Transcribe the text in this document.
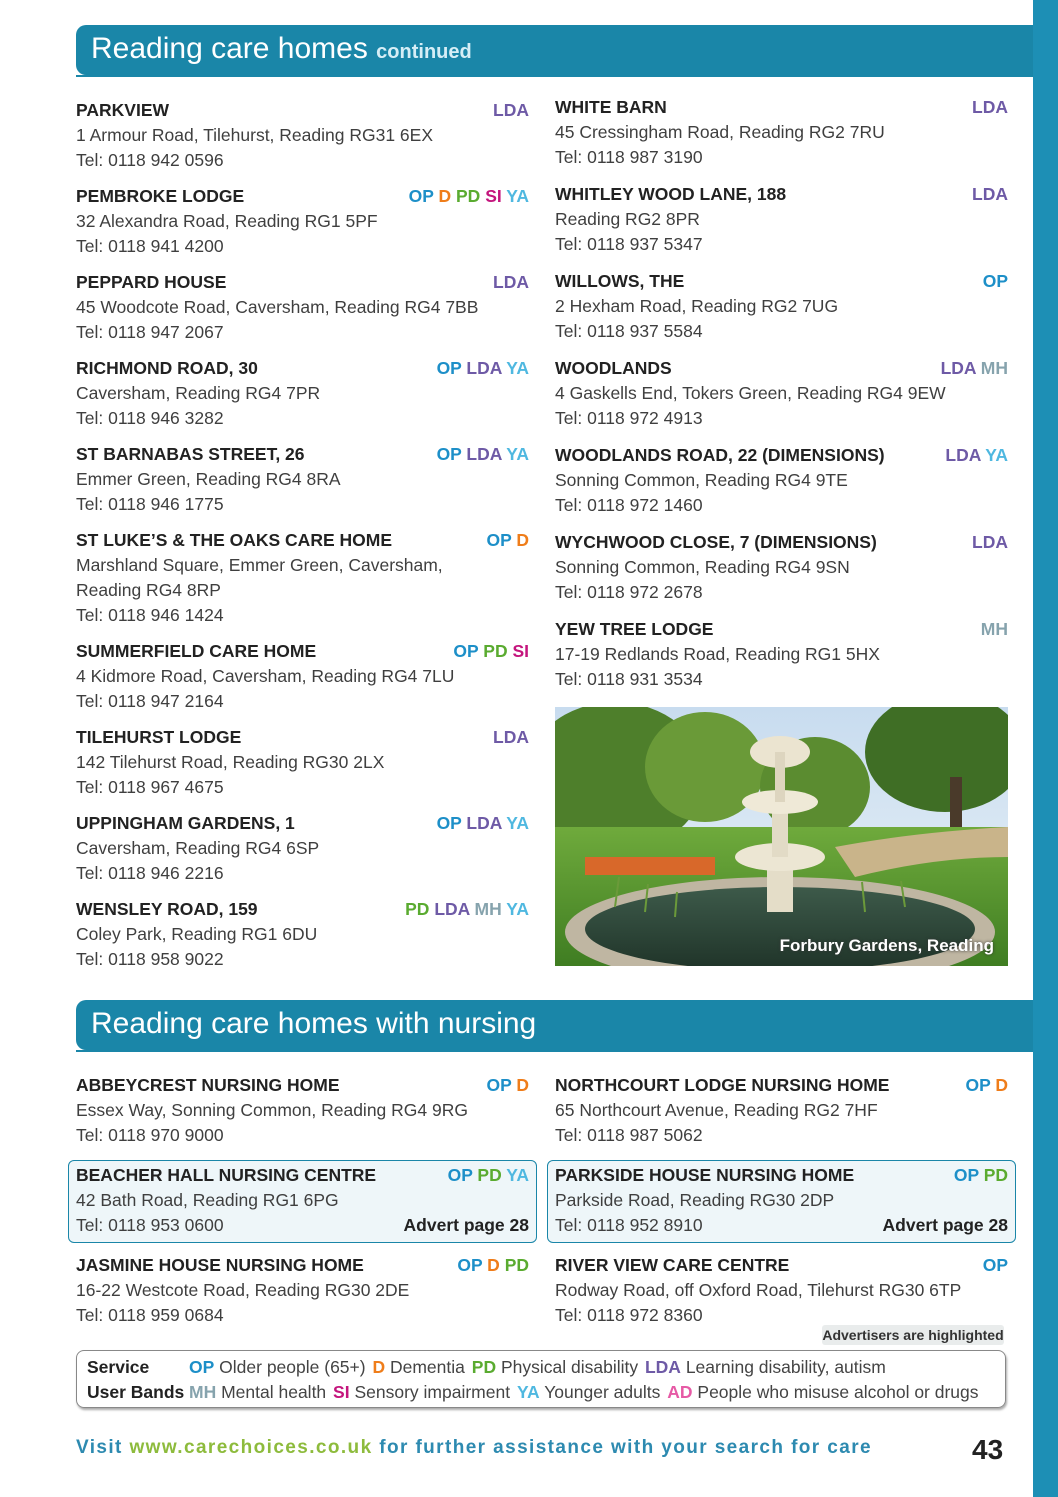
Reading care homes continued
Forbury Gardens, Reading
Reading care homes with nursing
Advertisers are highlighted
Service OP Older people (65+) D Dementia PD Physical disability LDA Learning disability, autism
User Bands MH Mental health SI Sensory impairment YA Younger adults AD People who misuse alcohol or drugs
Visit www.carechoices.co.uk for further assistance with your search for care	43
PARKVIEW	LDA
1 Armour Road, Tilehurst, Reading RG31 6EX
Tel: 0118 942 0596
PEMBROKE LODGE	OP D PD SI YA
32 Alexandra Road, Reading RG1 5PF
Tel: 0118 941 4200
PEPPARD HOUSE	LDA
45 Woodcote Road, Caversham, Reading RG4 7BB
Tel: 0118 947 2067
RICHMOND ROAD, 30	OP LDA YA
Caversham, Reading RG4 7PR
Tel: 0118 946 3282
ST BARNABAS STREET, 26	OP LDA YA
Emmer Green, Reading RG4 8RA
Tel: 0118 946 1775
ST LUKE’S & THE OAKS CARE HOME	OP D
Marshland Square, Emmer Green, Caversham,
Reading RG4 8RP
Tel: 0118 946 1424
SUMMERFIELD CARE HOME	OP PD SI
4 Kidmore Road, Caversham, Reading RG4 7LU
Tel: 0118 947 2164
TILEHURST LODGE	LDA
142 Tilehurst Road, Reading RG30 2LX
Tel: 0118 967 4675
UPPINGHAM GARDENS, 1	OP LDA YA
Caversham, Reading RG4 6SP
Tel: 0118 946 2216
WENSLEY ROAD, 159	PD LDA MH YA
Coley Park, Reading RG1 6DU
Tel: 0118 958 9022
WHITE BARN	LDA
45 Cressingham Road, Reading RG2 7RU
Tel: 0118 987 3190
WHITLEY WOOD LANE, 188	LDA
Reading RG2 8PR
Tel: 0118 937 5347
WILLOWS, THE	OP
2 Hexham Road, Reading RG2 7UG
Tel: 0118 937 5584
WOODLANDS	LDA MH
4 Gaskells End, Tokers Green, Reading RG4 9EW
Tel: 0118 972 4913
WOODLANDS ROAD, 22 (DIMENSIONS)	LDA YA
Sonning Common, Reading RG4 9TE
Tel: 0118 972 1460
WYCHWOOD CLOSE, 7 (DIMENSIONS)	LDA
Sonning Common, Reading RG4 9SN
Tel: 0118 972 2678
YEW TREE LODGE	MH
17-19 Redlands Road, Reading RG1 5HX
Tel: 0118 931 3534
ABBEYCREST NURSING HOME	OP D
Essex Way, Sonning Common, Reading RG4 9RG
Tel: 0118 970 9000
BEACHER HALL NURSING CENTRE	OP PD YA
42 Bath Road, Reading RG1 6PG
Tel: 0118 953 0600	Advert page 28
JASMINE HOUSE NURSING HOME	OP D PD
16-22 Westcote Road, Reading RG30 2DE
Tel: 0118 959 0684
NORTHCOURT LODGE NURSING HOME	OP D
65 Northcourt Avenue, Reading RG2 7HF
Tel: 0118 987 5062
PARKSIDE HOUSE NURSING HOME	OP PD
Parkside Road, Reading RG30 2DP
Tel: 0118 952 8910	Advert page 28
RIVER VIEW CARE CENTRE	OP
Rodway Road, off Oxford Road, Tilehurst RG30 6TP
Tel: 0118 972 8360
